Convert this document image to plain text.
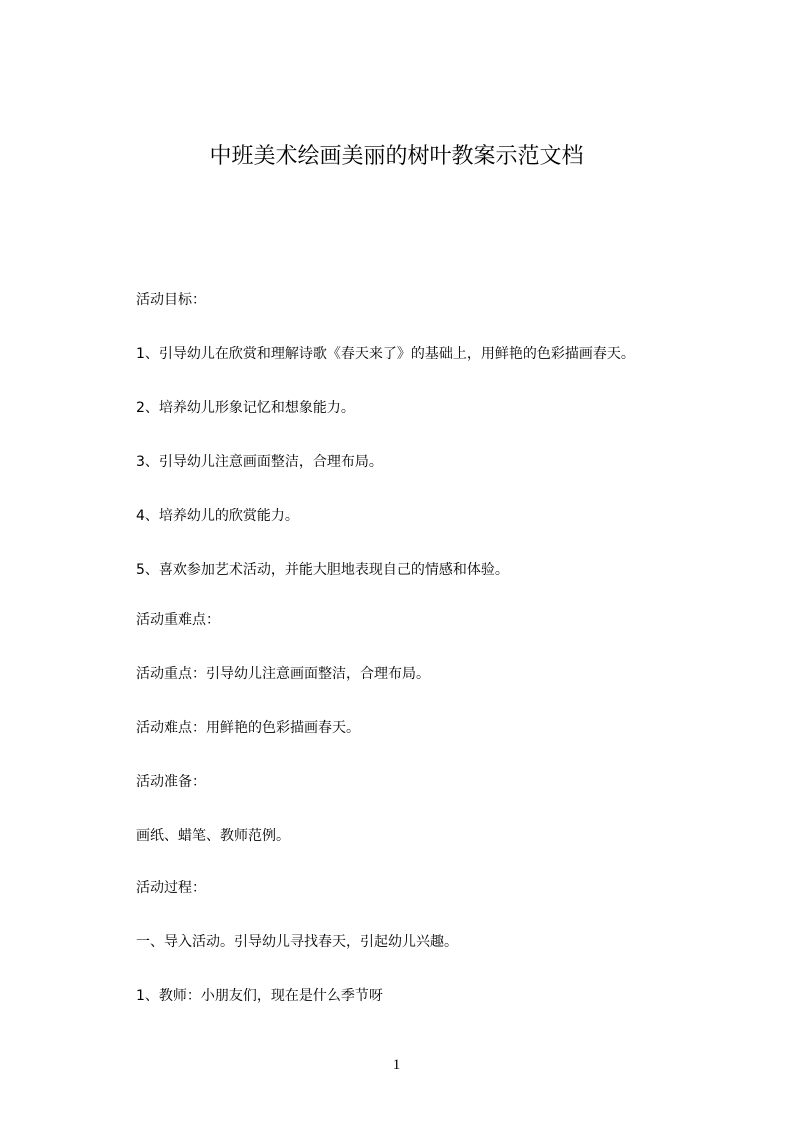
中班美术绘画美丽的树叶教案示范文档
活动目标：
1、引导幼儿在欣赏和理解诗歌《春天来了》的基础上，用鲜艳的色彩描画春天。
2、培养幼儿形象记忆和想象能力。
3、引导幼儿注意画面整洁，合理布局。
4、培养幼儿的欣赏能力。
5、喜欢参加艺术活动，并能大胆地表现自己的情感和体验。
活动重难点：
活动重点：引导幼儿注意画面整洁，合理布局。
活动难点：用鲜艳的色彩描画春天。
活动准备：
画纸、蜡笔、教师范例。
活动过程：
一、导入活动。引导幼儿寻找春天，引起幼儿兴趣。
1、教师：小朋友们，现在是什么季节呀
1
